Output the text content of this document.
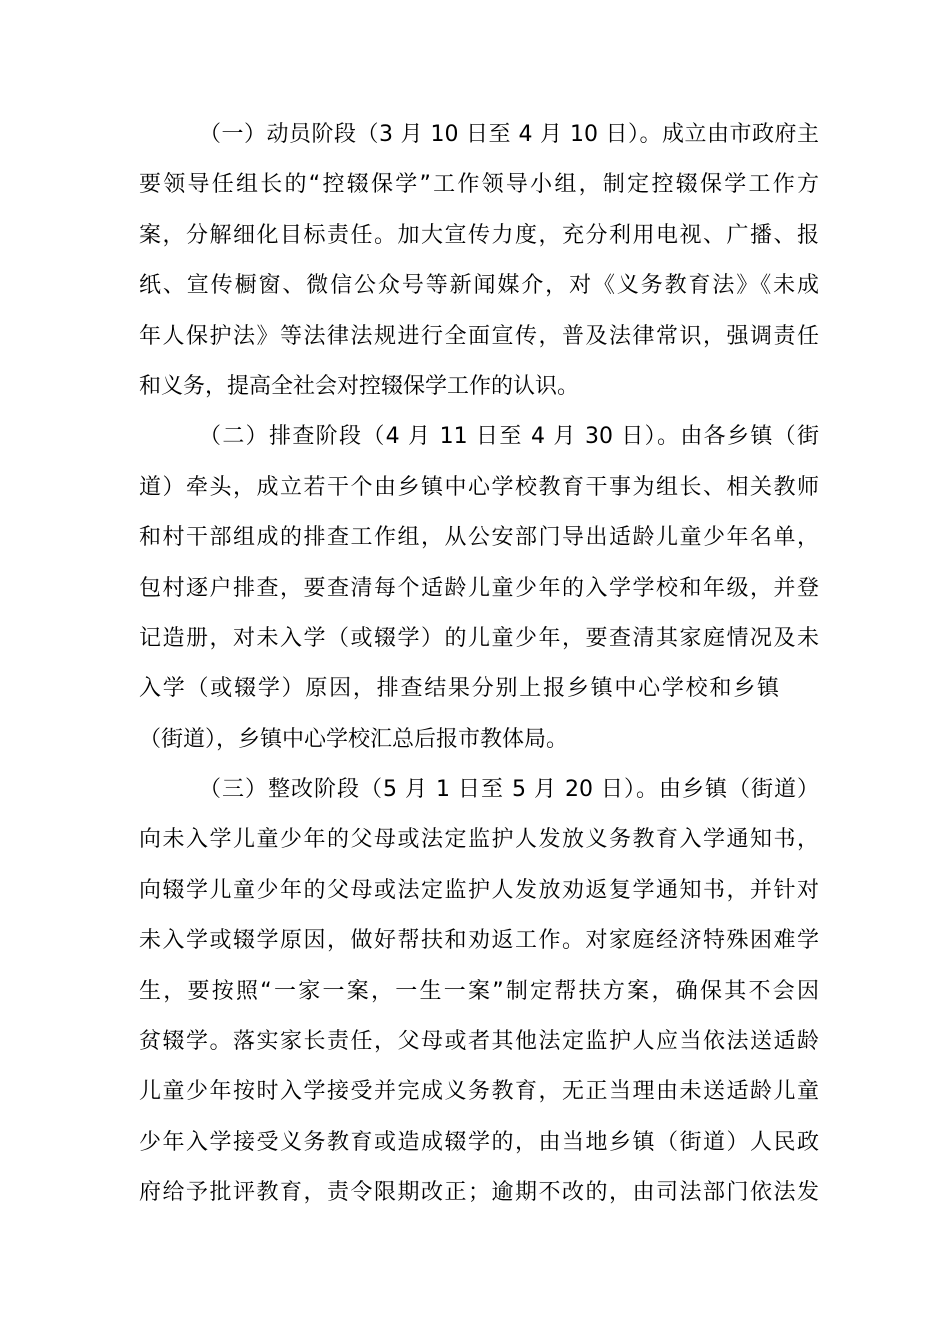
（一）动员阶段（3 月 10 日至 4 月 10 日）。成立由市政府主
要领导任组长的“控辍保学”工作领导小组，制定控辍保学工作方
案，分解细化目标责任。加大宣传力度，充分利用电视、广播、报
纸、宣传橱窗、微信公众号等新闻媒介，对《义务教育法》《未成
年人保护法》等法律法规进行全面宣传，普及法律常识，强调责任
和义务，提高全社会对控辍保学工作的认识。
（二）排查阶段（4 月 11 日至 4 月 30 日）。由各乡镇（街
道）牵头，成立若干个由乡镇中心学校教育干事为组长、相关教师
和村干部组成的排查工作组，从公安部门导出适龄儿童少年名单，
包村逐户排查，要查清每个适龄儿童少年的入学学校和年级，并登
记造册，对未入学（或辍学）的儿童少年，要查清其家庭情况及未
入学（或辍学）原因，排查结果分别上报乡镇中心学校和乡镇
（街道），乡镇中心学校汇总后报市教体局。
（三）整改阶段（5 月 1 日至 5 月 20 日）。由乡镇（街道）
向未入学儿童少年的父母或法定监护人发放义务教育入学通知书，
向辍学儿童少年的父母或法定监护人发放劝返复学通知书，并针对
未入学或辍学原因，做好帮扶和劝返工作。对家庭经济特殊困难学
生，要按照“一家一案，一生一案”制定帮扶方案，确保其不会因
贫辍学。落实家长责任，父母或者其他法定监护人应当依法送适龄
儿童少年按时入学接受并完成义务教育，无正当理由未送适龄儿童
少年入学接受义务教育或造成辍学的，由当地乡镇（街道）人民政
府给予批评教育，责令限期改正；逾期不改的，由司法部门依法发
